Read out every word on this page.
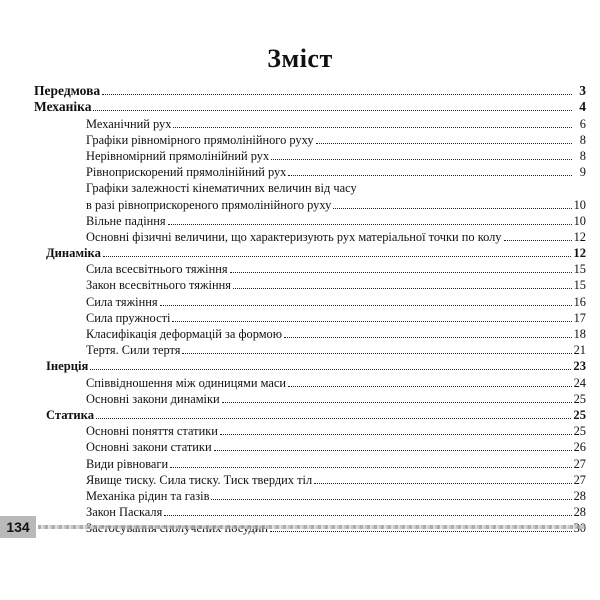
Зміст
Передмова	3
Механіка	4
Механічний рух	6
Графіки рівномірного прямолінійного руху	8
Нерівномірний прямолінійний рух	8
Рівноприскорений прямолінійний рух	9
Графіки залежності кінематичних величин від часу
в разі рівноприскореного прямолінійного руху	10
Вільне падіння	10
Основні фізичні величини, що характеризують рух матеріальної точки по колу	12
Динаміка	12
Сила всесвітнього тяжіння	15
Закон всесвітнього тяжіння	15
Сила тяжіння	16
Сила пружності	17
Класифікація деформацій за формою	18
Тертя. Сили тертя	21
Інерція	23
Співвідношення між одиницями маси	24
Основні закони динаміки	25
Статика	25
Основні поняття статики	25
Основні закони статики	26
Види рівноваги	27
Явище тиску. Сила тиску. Тиск твердих тіл	27
Механіка рідин та газів	28
Закон Паскаля	28
134
